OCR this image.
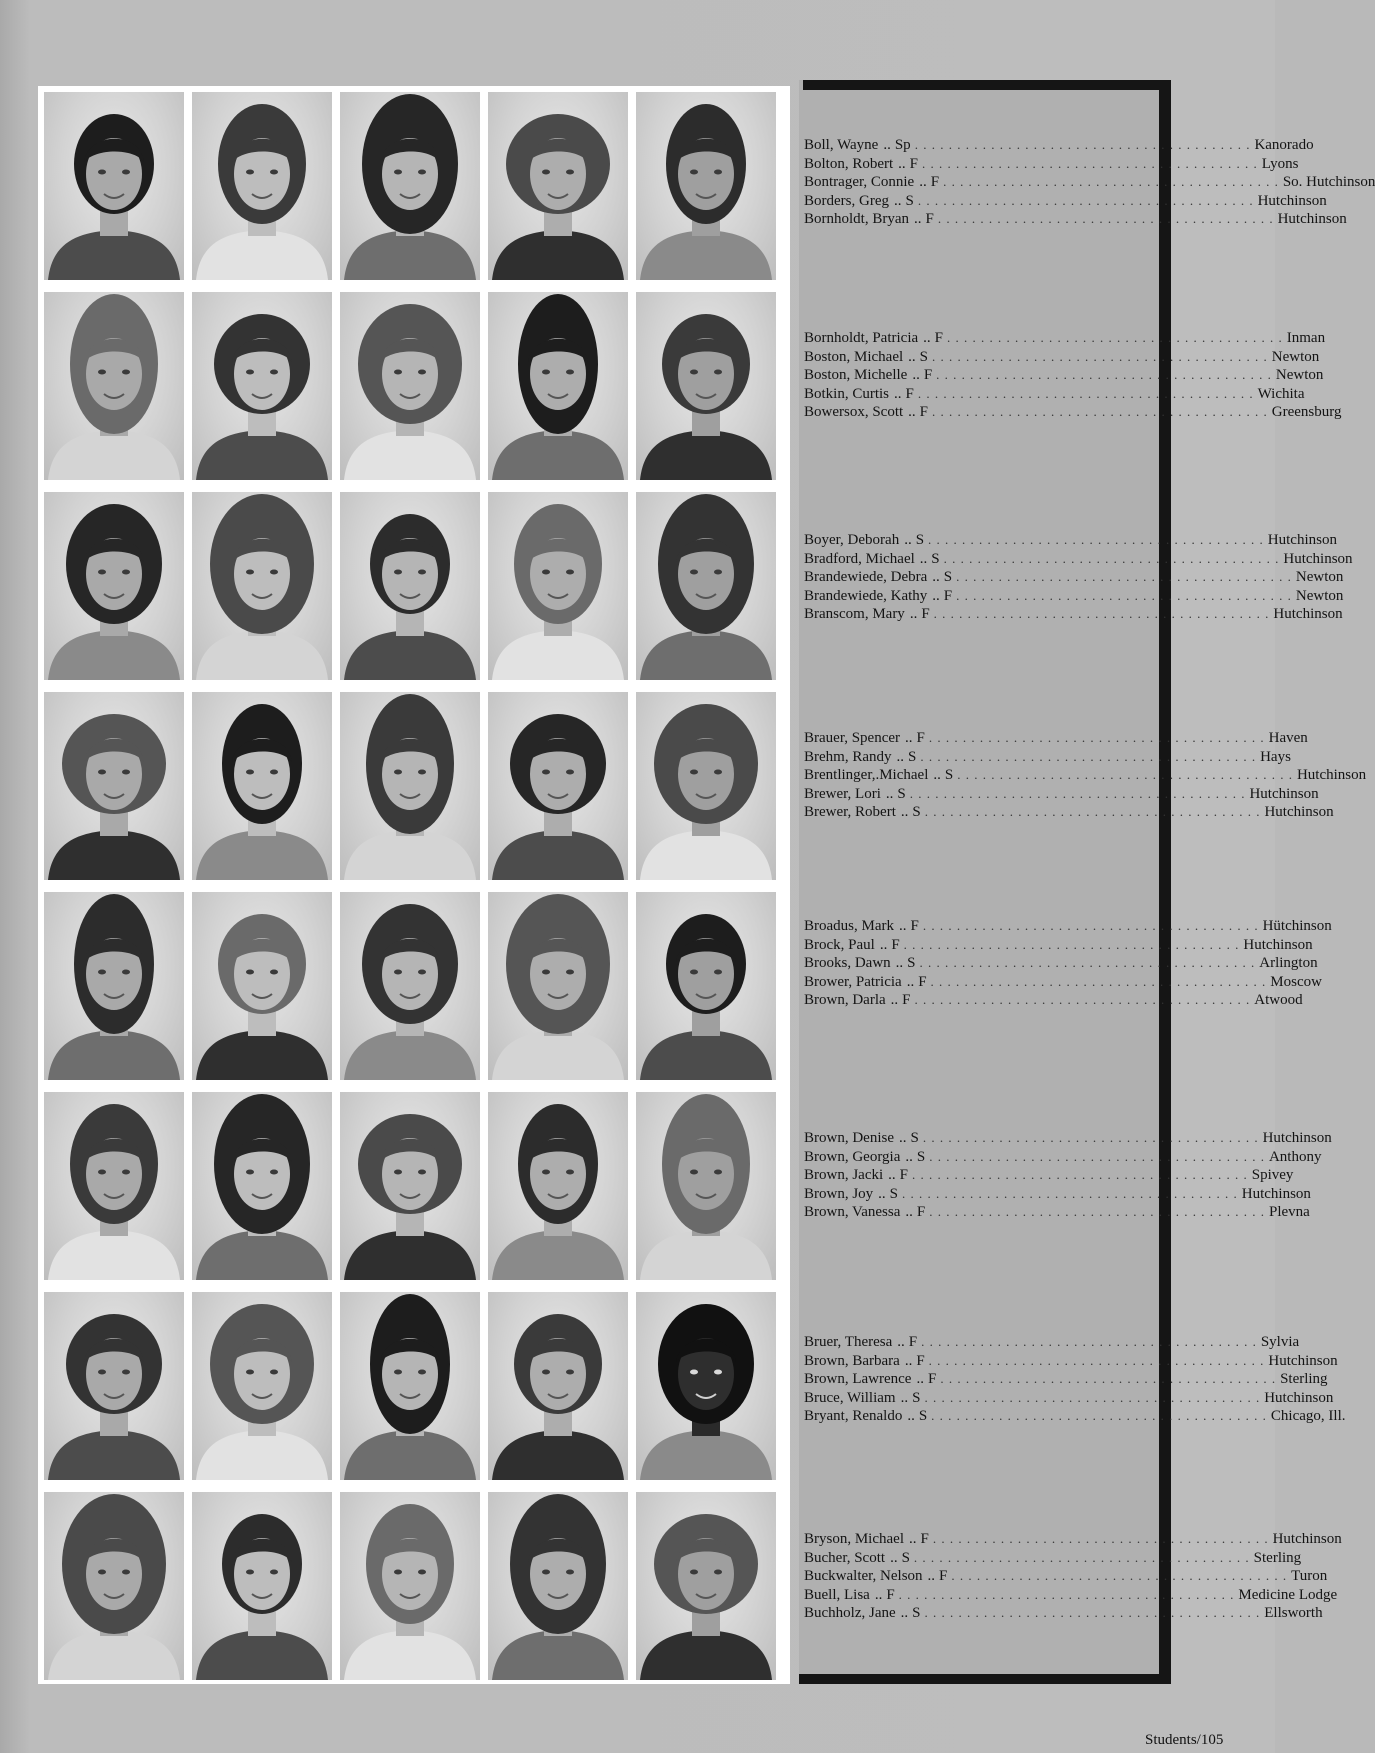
Boll, Wayne .. Sp . . . . . . . . . . . . . . . . . . . . . . . . . . . . . . . . . . . . . . . . Kanorado
Bolton, Robert .. F . . . . . . . . . . . . . . . . . . . . . . . . . . . . . . . . . . . . . . . . Lyons
Bontrager, Connie .. F . . . . . . . . . . . . . . . . . . . . . . . . . . . . . . . . . . . . . . . . So. Hutchinson
Borders, Greg .. S . . . . . . . . . . . . . . . . . . . . . . . . . . . . . . . . . . . . . . . . Hutchinson
Bornholdt, Bryan .. F . . . . . . . . . . . . . . . . . . . . . . . . . . . . . . . . . . . . . . . . Hutchinson
Bornholdt, Patricia .. F . . . . . . . . . . . . . . . . . . . . . . . . . . . . . . . . . . . . . . . . Inman
Boston, Michael .. S . . . . . . . . . . . . . . . . . . . . . . . . . . . . . . . . . . . . . . . . Newton
Boston, Michelle .. F . . . . . . . . . . . . . . . . . . . . . . . . . . . . . . . . . . . . . . . . Newton
Botkin, Curtis .. F . . . . . . . . . . . . . . . . . . . . . . . . . . . . . . . . . . . . . . . . Wichita
Bowersox, Scott .. F . . . . . . . . . . . . . . . . . . . . . . . . . . . . . . . . . . . . . . . . Greensburg
Boyer, Deborah .. S . . . . . . . . . . . . . . . . . . . . . . . . . . . . . . . . . . . . . . . . Hutchinson
Bradford, Michael .. S . . . . . . . . . . . . . . . . . . . . . . . . . . . . . . . . . . . . . . . . Hutchinson
Brandewiede, Debra .. S . . . . . . . . . . . . . . . . . . . . . . . . . . . . . . . . . . . . . . . . Newton
Brandewiede, Kathy .. F . . . . . . . . . . . . . . . . . . . . . . . . . . . . . . . . . . . . . . . . Newton
Branscom, Mary .. F . . . . . . . . . . . . . . . . . . . . . . . . . . . . . . . . . . . . . . . . Hutchinson
Brauer, Spencer .. F . . . . . . . . . . . . . . . . . . . . . . . . . . . . . . . . . . . . . . . . Haven
Brehm, Randy .. S . . . . . . . . . . . . . . . . . . . . . . . . . . . . . . . . . . . . . . . . Hays
Brentlinger,.Michael .. S . . . . . . . . . . . . . . . . . . . . . . . . . . . . . . . . . . . . . . . . Hutchinson
Brewer, Lori .. S . . . . . . . . . . . . . . . . . . . . . . . . . . . . . . . . . . . . . . . . Hutchinson
Brewer, Robert .. S . . . . . . . . . . . . . . . . . . . . . . . . . . . . . . . . . . . . . . . . Hutchinson
Broadus, Mark .. F . . . . . . . . . . . . . . . . . . . . . . . . . . . . . . . . . . . . . . . . Hütchinson
Brock, Paul .. F . . . . . . . . . . . . . . . . . . . . . . . . . . . . . . . . . . . . . . . . Hutchinson
Brooks, Dawn .. S . . . . . . . . . . . . . . . . . . . . . . . . . . . . . . . . . . . . . . . . Arlington
Brower, Patricia .. F . . . . . . . . . . . . . . . . . . . . . . . . . . . . . . . . . . . . . . . . Moscow
Brown, Darla .. F . . . . . . . . . . . . . . . . . . . . . . . . . . . . . . . . . . . . . . . . Atwood
Brown, Denise .. S . . . . . . . . . . . . . . . . . . . . . . . . . . . . . . . . . . . . . . . . Hutchinson
Brown, Georgia .. S . . . . . . . . . . . . . . . . . . . . . . . . . . . . . . . . . . . . . . . . Anthony
Brown, Jacki .. F . . . . . . . . . . . . . . . . . . . . . . . . . . . . . . . . . . . . . . . . Spivey
Brown, Joy .. S . . . . . . . . . . . . . . . . . . . . . . . . . . . . . . . . . . . . . . . . Hutchinson
Brown, Vanessa .. F . . . . . . . . . . . . . . . . . . . . . . . . . . . . . . . . . . . . . . . . Plevna
Bruer, Theresa .. F . . . . . . . . . . . . . . . . . . . . . . . . . . . . . . . . . . . . . . . . Sylvia
Brown, Barbara .. F . . . . . . . . . . . . . . . . . . . . . . . . . . . . . . . . . . . . . . . . Hutchinson
Brown, Lawrence .. F . . . . . . . . . . . . . . . . . . . . . . . . . . . . . . . . . . . . . . . . Sterling
Bruce, William .. S . . . . . . . . . . . . . . . . . . . . . . . . . . . . . . . . . . . . . . . . Hutchinson
Bryant, Renaldo .. S . . . . . . . . . . . . . . . . . . . . . . . . . . . . . . . . . . . . . . . . Chicago, Ill.
Bryson, Michael .. F . . . . . . . . . . . . . . . . . . . . . . . . . . . . . . . . . . . . . . . . Hutchinson
Bucher, Scott .. S . . . . . . . . . . . . . . . . . . . . . . . . . . . . . . . . . . . . . . . . Sterling
Buckwalter, Nelson .. F . . . . . . . . . . . . . . . . . . . . . . . . . . . . . . . . . . . . . . . . Turon
Buell, Lisa .. F . . . . . . . . . . . . . . . . . . . . . . . . . . . . . . . . . . . . . . . . Medicine Lodge
Buchholz, Jane .. S . . . . . . . . . . . . . . . . . . . . . . . . . . . . . . . . . . . . . . . . Ellsworth
Students/105
